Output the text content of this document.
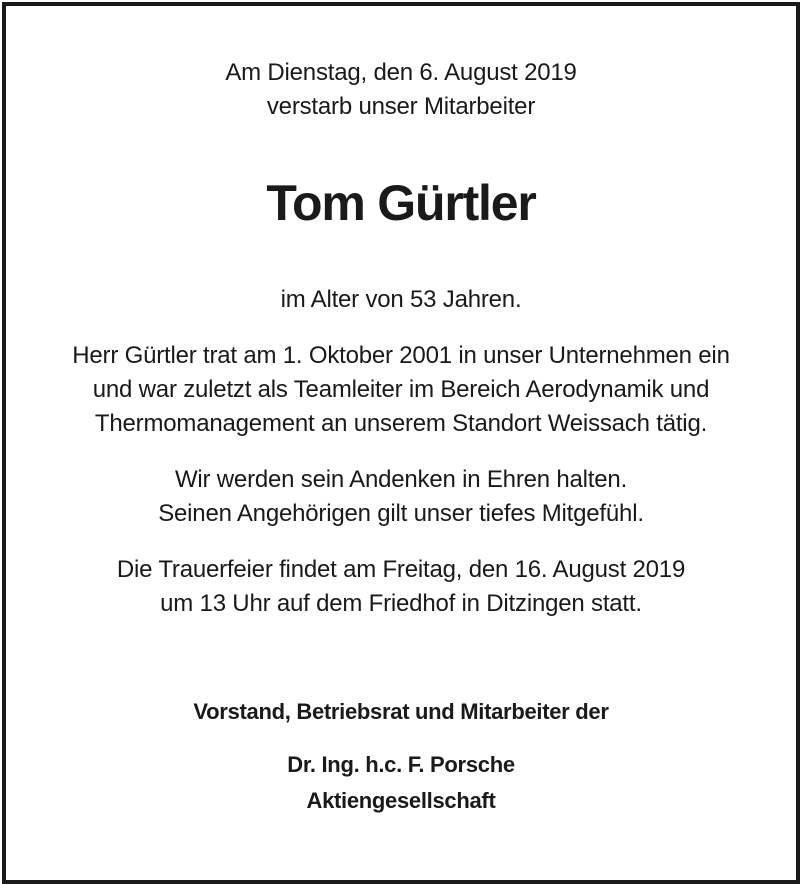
Am Dienstag, den 6. August 2019

verstarb unser Mitarbeiter

Tom Gürtler

im Alter von 53 Jahren.

Herr Gürtler trat am 1. Oktober 2001 in unser Unternehmen ein

und war zuletzt als Teamleiter im Bereich Aerodynamik und

Thermomanagement an unserem Standort Weissach tätig.

Wir werden sein Andenken in Ehren halten.

Seinen Angehörigen gilt unser tiefes Mitgefühl.

Die Trauerfeier findet am Freitag, den 16. August 2019

um 13 Uhr auf dem Friedhof in Ditzingen statt.

Vorstand, Betriebsrat und Mitarbeiter der

Dr. Ing. h.c. F. Porsche

Aktiengesellschaft
